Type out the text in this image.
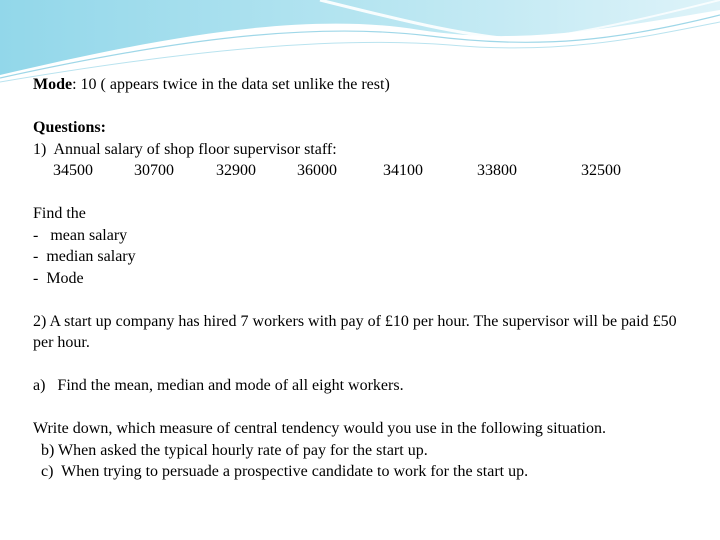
Mode: 10 ( appears twice in the data set unlike the rest)

Questions:

1)  Annual salary of shop floor supervisor staff:

34500	30700	32900	36000	34100	33800	32500

Find the

-   mean salary

-  median salary

-  Mode

2) A start up company has hired 7 workers with pay of £10 per hour. The supervisor will be paid £50 per hour.

a)   Find the mean, median and mode of all eight workers.

Write down, which measure of central tendency would you use in the following situation.

b) When asked the typical hourly rate of pay for the start up.

c)  When trying to persuade a prospective candidate to work for the start up.
